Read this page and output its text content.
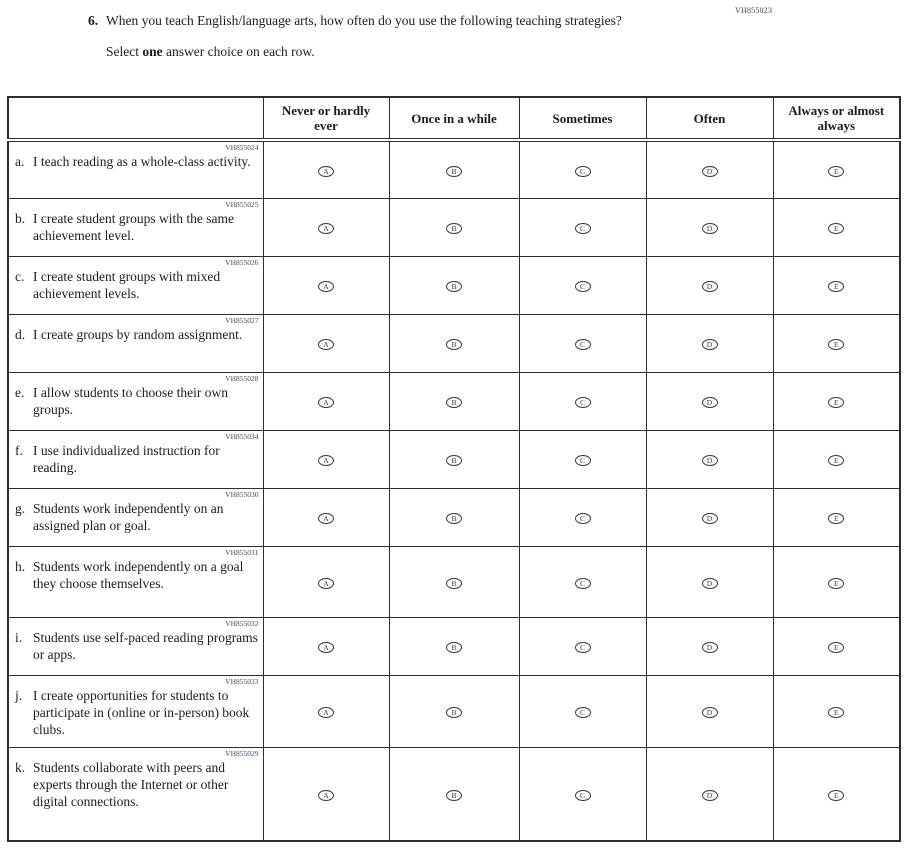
VH855023
6. When you teach English/language arts, how often do you use the following teaching strategies?
Select one answer choice on each row.
	Never or hardly ever	Once in a while	Sometimes	Often	Always or almost always

VH855024
a. I teach reading as a whole-class activity.	A	B	C	D	E

VH855025
b. I create student groups with the same achievement level.	A	B	C	D	E

VH855026
c. I create student groups with mixed achievement levels.	A	B	C	D	E

VH855027
d. I create groups by random assignment.	A	B	C	D	E

VH855028
e. I allow students to choose their own groups.	A	B	C	D	E

VH855034
f. I use individualized instruction for reading.	A	B	C	D	E

VH855030
g. Students work independently on an assigned plan or goal.	A	B	C	D	E

VH855031
h. Students work independently on a goal they choose themselves.	A	B	C	D	E

VH855032
i. Students use self-paced reading programs or apps.	A	B	C	D	E

VH855033
j. I create opportunities for students to participate in (online or in-person) book clubs.	A	B	C	D	E

VH855029
k. Students collaborate with peers and experts through the Internet or other digital connections.	A	B	C	D	E
